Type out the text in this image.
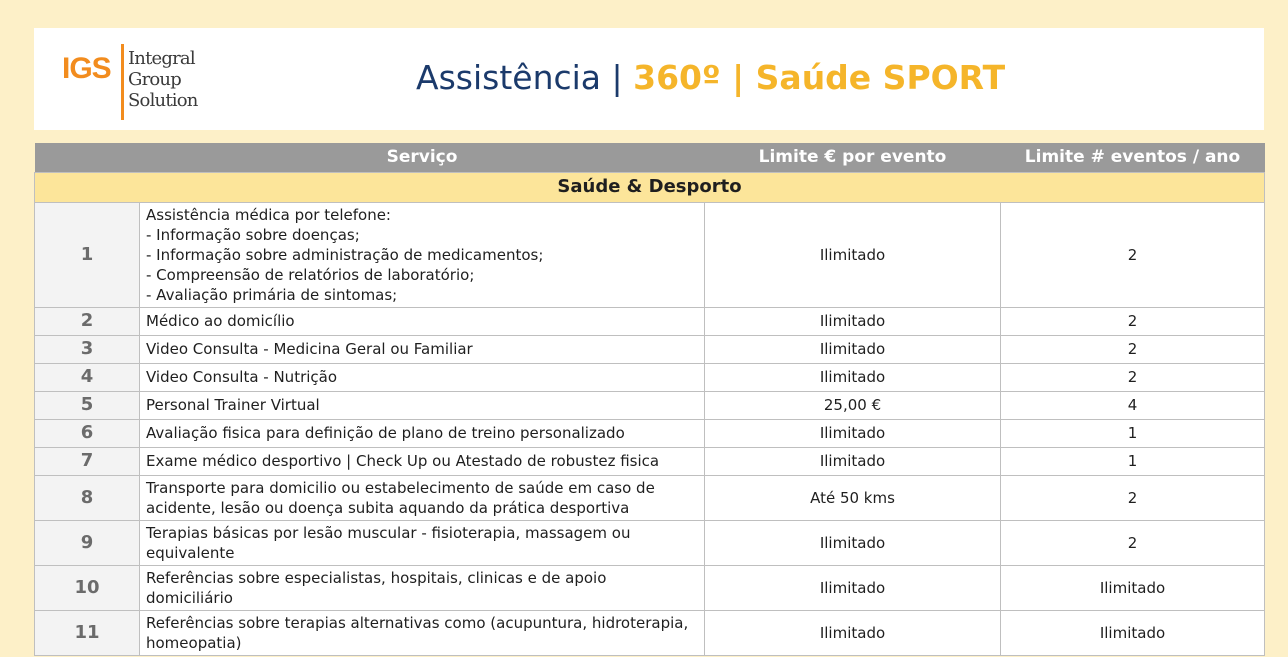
IGS Integral
Group
Solution
Assistência | 360º | Saúde SPORT
	Serviço	Limite € por evento	Limite # eventos / ano
Saúde & Desporto			
1	Assistência médica por telefone:
- Informação sobre doenças;
- Informação sobre administração de medicamentos;
- Compreensão de relatórios de laboratório;
- Avaliação primária de sintomas;	Ilimitado	2
2	Médico ao domicílio	Ilimitado	2
3	Video Consulta - Medicina Geral ou Familiar	Ilimitado	2
4	Video Consulta - Nutrição	Ilimitado	2
5	Personal Trainer Virtual	25,00 €	4
6	Avaliação fisica para definição de plano de treino personalizado	Ilimitado	1
7	Exame médico desportivo | Check Up ou Atestado de robustez fisica	Ilimitado	1
8	Transporte para domicilio ou estabelecimento de saúde em caso de acidente, lesão ou doença subita aquando da prática desportiva	Até 50 kms	2
9	Terapias básicas por lesão muscular - fisioterapia, massagem ou equivalente	Ilimitado	2
10	Referências sobre especialistas, hospitais, clinicas e de apoio domiciliário	Ilimitado	Ilimitado
11	Referências sobre terapias alternativas como (acupuntura, hidroterapia, homeopatia)	Ilimitado	Ilimitado
